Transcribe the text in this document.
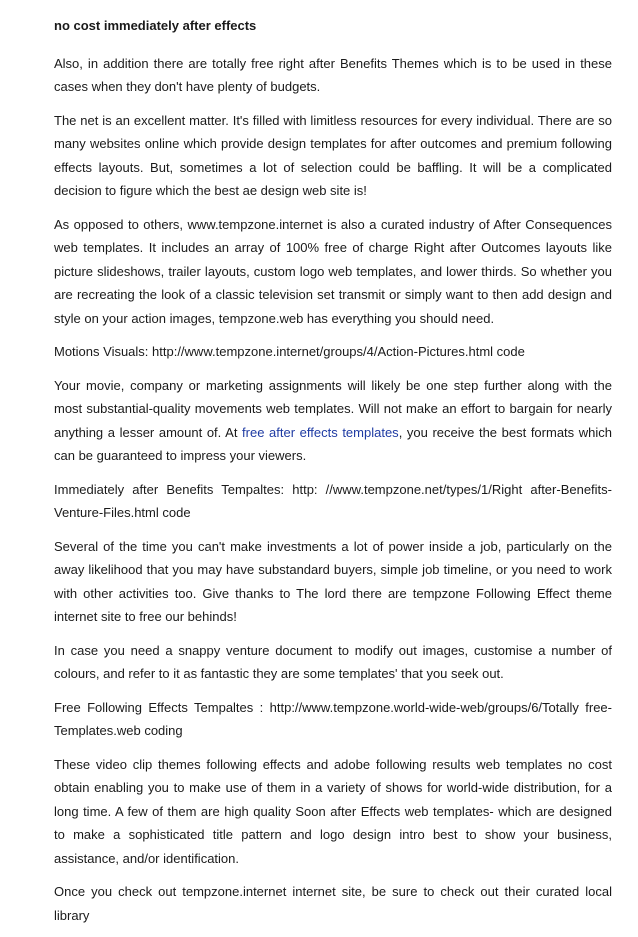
no cost immediately after effects

Also, in addition there are totally free right after Benefits Themes which is to be used in these cases when they don't have plenty of budgets.

The net is an excellent matter. It's filled with limitless resources for every individual. There are so many websites online which provide design templates for after outcomes and premium following effects layouts. But, sometimes a lot of selection could be baffling. It will be a complicated decision to figure which the best ae design web site is!

As opposed to others, www.tempzone.internet is also a curated industry of After Consequences web templates. It includes an array of 100% free of charge Right after Outcomes layouts like picture slideshows, trailer layouts, custom logo web templates, and lower thirds. So whether you are recreating the look of a classic television set transmit or simply want to then add design and style on your action images, tempzone.web has everything you should need.

Motions Visuals: http://www.tempzone.internet/groups/4/Action-Pictures.html code

Your movie, company or marketing assignments will likely be one step further along with the most substantial-quality movements web templates. Will not make an effort to bargain for nearly anything a lesser amount of. At free after effects templates, you receive the best formats which can be guaranteed to impress your viewers.

Immediately after Benefits Tempaltes: http: //www.tempzone.net/types/1/Right after-Benefits-Venture-Files.html code

Several of the time you can't make investments a lot of power inside a job, particularly on the away likelihood that you may have substandard buyers, simple job timeline, or you need to work with other activities too. Give thanks to The lord there are tempzone Following Effect theme internet site to free our behinds!

In case you need a snappy venture document to modify out images, customise a number of colours, and refer to it as fantastic they are some templates' that you seek out.

Free Following Effects Tempaltes : http://www.tempzone.world-wide-web/groups/6/Totally free-Templates.web coding

These video clip themes following effects and adobe following results web templates no cost obtain enabling you to make use of them in a variety of shows for world-wide distribution, for a long time. A few of them are high quality Soon after Effects web templates- which are designed to make a sophisticated title pattern and logo design intro best to show your business, assistance, and/or identification.

Once you check out tempzone.internet internet site, be sure to check out their curated local library
